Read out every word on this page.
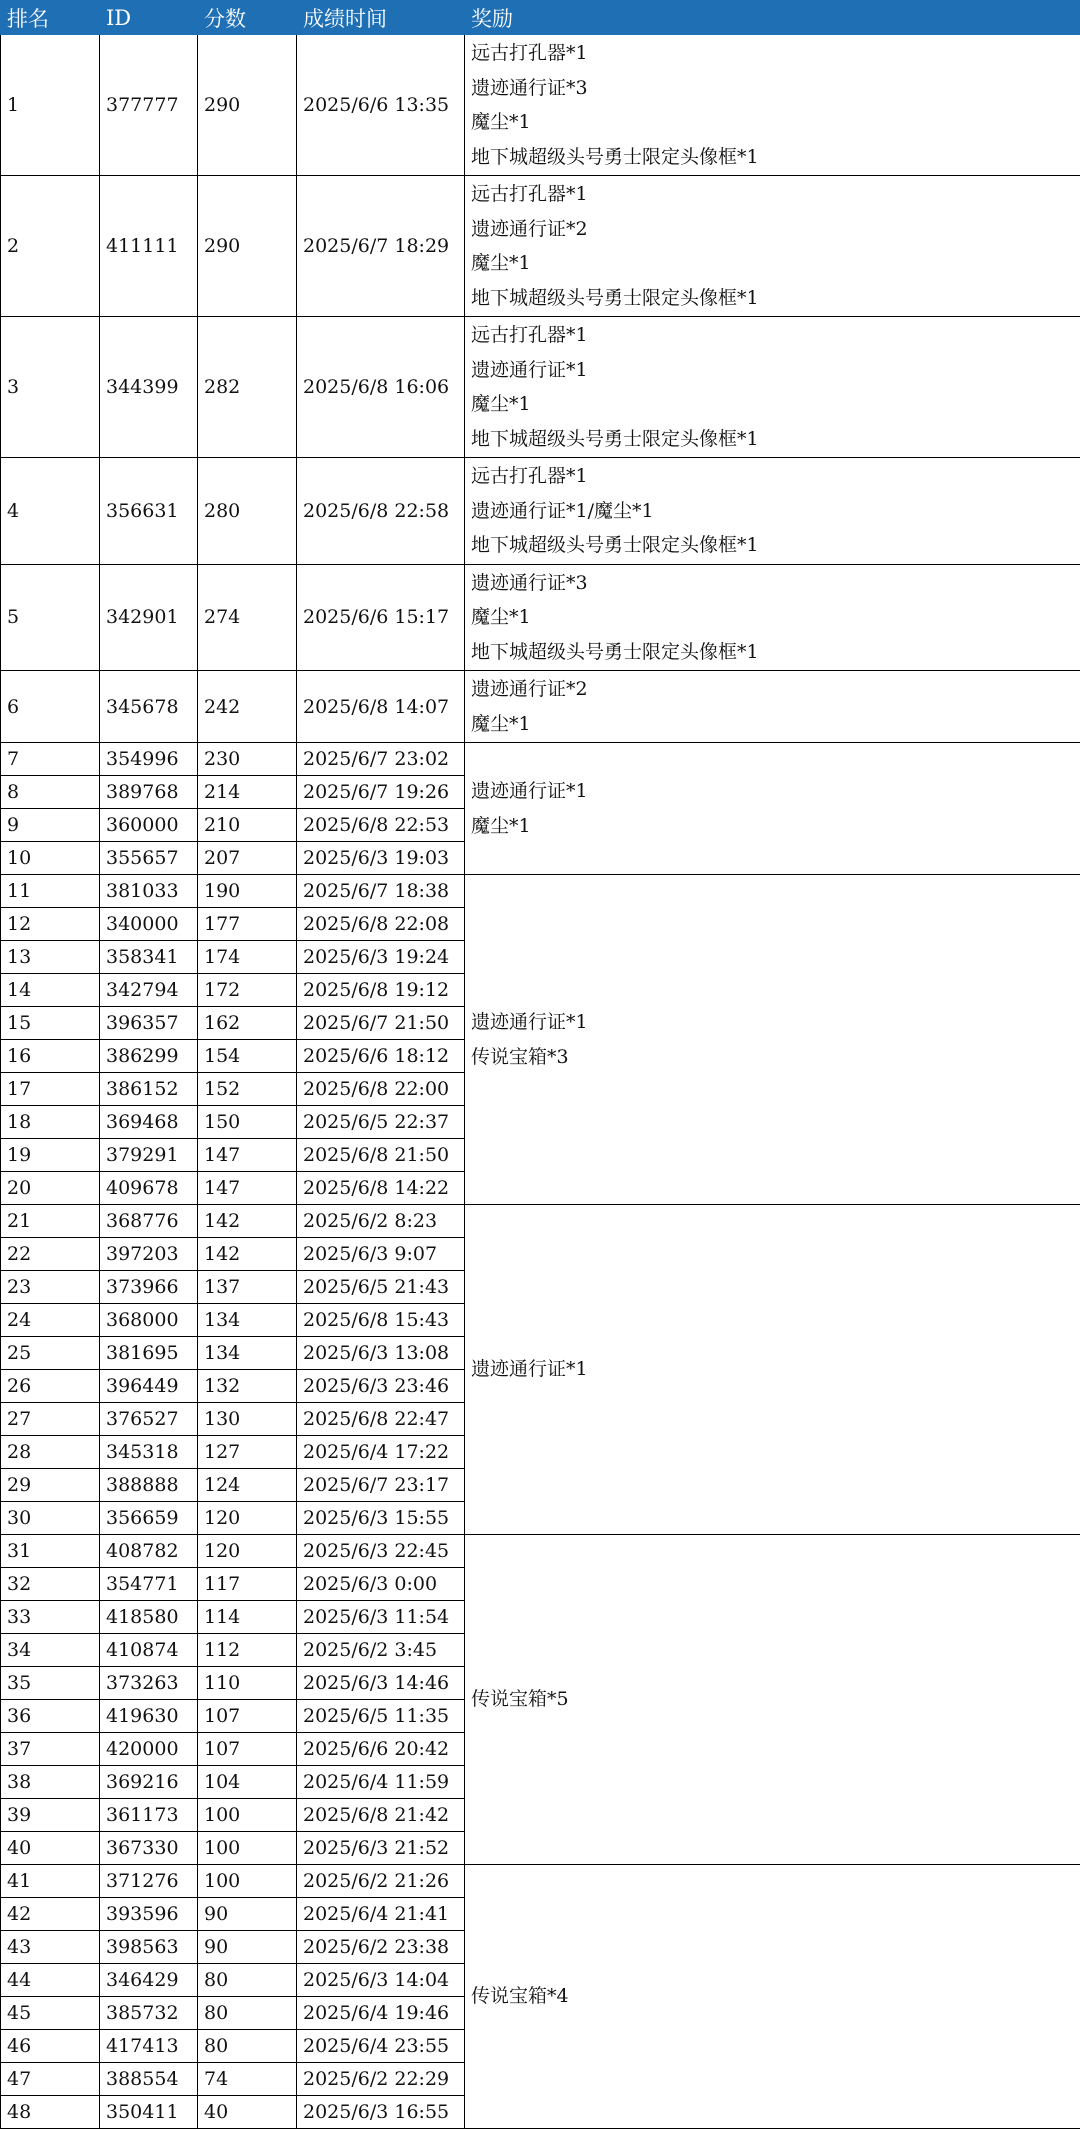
排名	ID	分数	成绩时间	奖励
1	377777	290	2025/6/6 13:35	远古打孔器*1
遗迹通行证*3
魔尘*1
地下城超级头号勇士限定头像框*1

2	411111	290	2025/6/7 18:29	远古打孔器*1
遗迹通行证*2
魔尘*1
地下城超级头号勇士限定头像框*1

3	344399	282	2025/6/8 16:06	远古打孔器*1
遗迹通行证*1
魔尘*1
地下城超级头号勇士限定头像框*1

4	356631	280	2025/6/8 22:58	远古打孔器*1
遗迹通行证*1/魔尘*1
地下城超级头号勇士限定头像框*1

5	342901	274	2025/6/6 15:17	遗迹通行证*3
魔尘*1
地下城超级头号勇士限定头像框*1

6	345678	242	2025/6/8 14:07	遗迹通行证*2
魔尘*1

7	354996	230	2025/6/7 23:02	遗迹通行证*1
魔尘*1

8	389768	214	2025/6/7 19:26	
9	360000	210	2025/6/8 22:53	
10	355657	207	2025/6/3 19:03	
11	381033	190	2025/6/7 18:38	遗迹通行证*1
传说宝箱*3

12	340000	177	2025/6/8 22:08	
13	358341	174	2025/6/3 19:24	
14	342794	172	2025/6/8 19:12	
15	396357	162	2025/6/7 21:50	
16	386299	154	2025/6/6 18:12	
17	386152	152	2025/6/8 22:00	
18	369468	150	2025/6/5 22:37	
19	379291	147	2025/6/8 21:50	
20	409678	147	2025/6/8 14:22	
21	368776	142	2025/6/2 8:23	遗迹通行证*1

22	397203	142	2025/6/3 9:07	
23	373966	137	2025/6/5 21:43	
24	368000	134	2025/6/8 15:43	
25	381695	134	2025/6/3 13:08	
26	396449	132	2025/6/3 23:46	
27	376527	130	2025/6/8 22:47	
28	345318	127	2025/6/4 17:22	
29	388888	124	2025/6/7 23:17	
30	356659	120	2025/6/3 15:55	
31	408782	120	2025/6/3 22:45	传说宝箱*5

32	354771	117	2025/6/3 0:00	
33	418580	114	2025/6/3 11:54	
34	410874	112	2025/6/2 3:45	
35	373263	110	2025/6/3 14:46	
36	419630	107	2025/6/5 11:35	
37	420000	107	2025/6/6 20:42	
38	369216	104	2025/6/4 11:59	
39	361173	100	2025/6/8 21:42	
40	367330	100	2025/6/3 21:52	
41	371276	100	2025/6/2 21:26	传说宝箱*4

42	393596	90	2025/6/4 21:41	
43	398563	90	2025/6/2 23:38	
44	346429	80	2025/6/3 14:04	
45	385732	80	2025/6/4 19:46	
46	417413	80	2025/6/4 23:55	
47	388554	74	2025/6/2 22:29	
48	350411	40	2025/6/3 16:55	
